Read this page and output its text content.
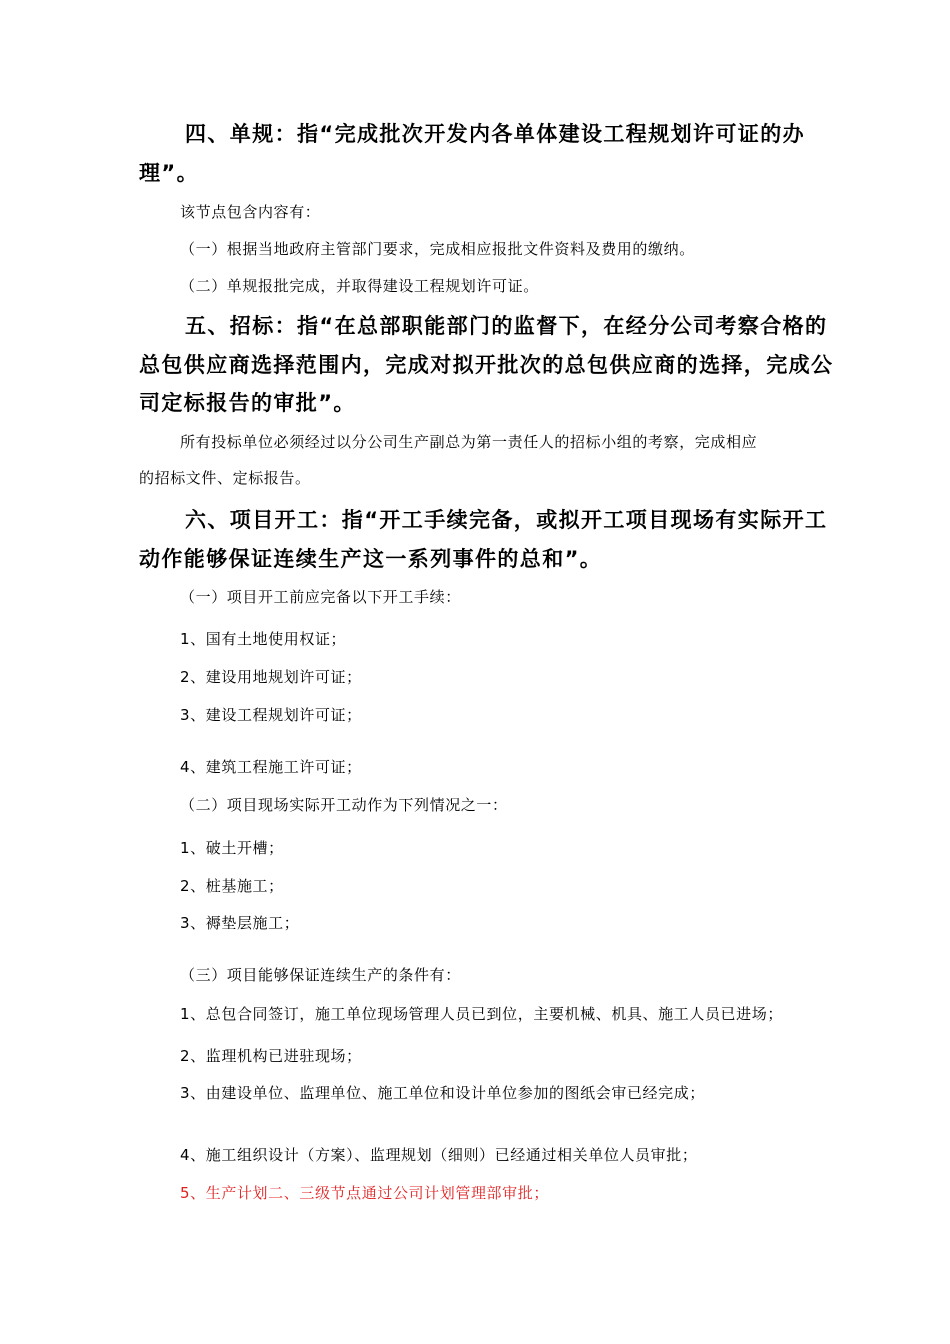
四、单规：指“完成批次开发内各单体建设工程规划许可证的办

理”。

该节点包含内容有：

（一）根据当地政府主管部门要求，完成相应报批文件资料及费用的缴纳。

（二）单规报批完成，并取得建设工程规划许可证。

五、招标：指“在总部职能部门的监督下，在经分公司考察合格的

总包供应商选择范围内，完成对拟开批次的总包供应商的选择，完成公

司定标报告的审批”。

所有投标单位必须经过以分公司生产副总为第一责任人的招标小组的考察，完成相应

的招标文件、定标报告。

六、项目开工：指“开工手续完备，或拟开工项目现场有实际开工

动作能够保证连续生产这一系列事件的总和”。

（一）项目开工前应完备以下开工手续：

1、国有土地使用权证；

2、建设用地规划许可证；

3、建设工程规划许可证；

4、建筑工程施工许可证；

（二）项目现场实际开工动作为下列情况之一：

1、破土开槽；

2、桩基施工；

3、褥垫层施工；

（三）项目能够保证连续生产的条件有：

1、总包合同签订，施工单位现场管理人员已到位，主要机械、机具、施工人员已进场；

2、监理机构已进驻现场；

3、由建设单位、监理单位、施工单位和设计单位参加的图纸会审已经完成；

4、施工组织设计（方案）、监理规划（细则）已经通过相关单位人员审批；

5、生产计划二、三级节点通过公司计划管理部审批；
